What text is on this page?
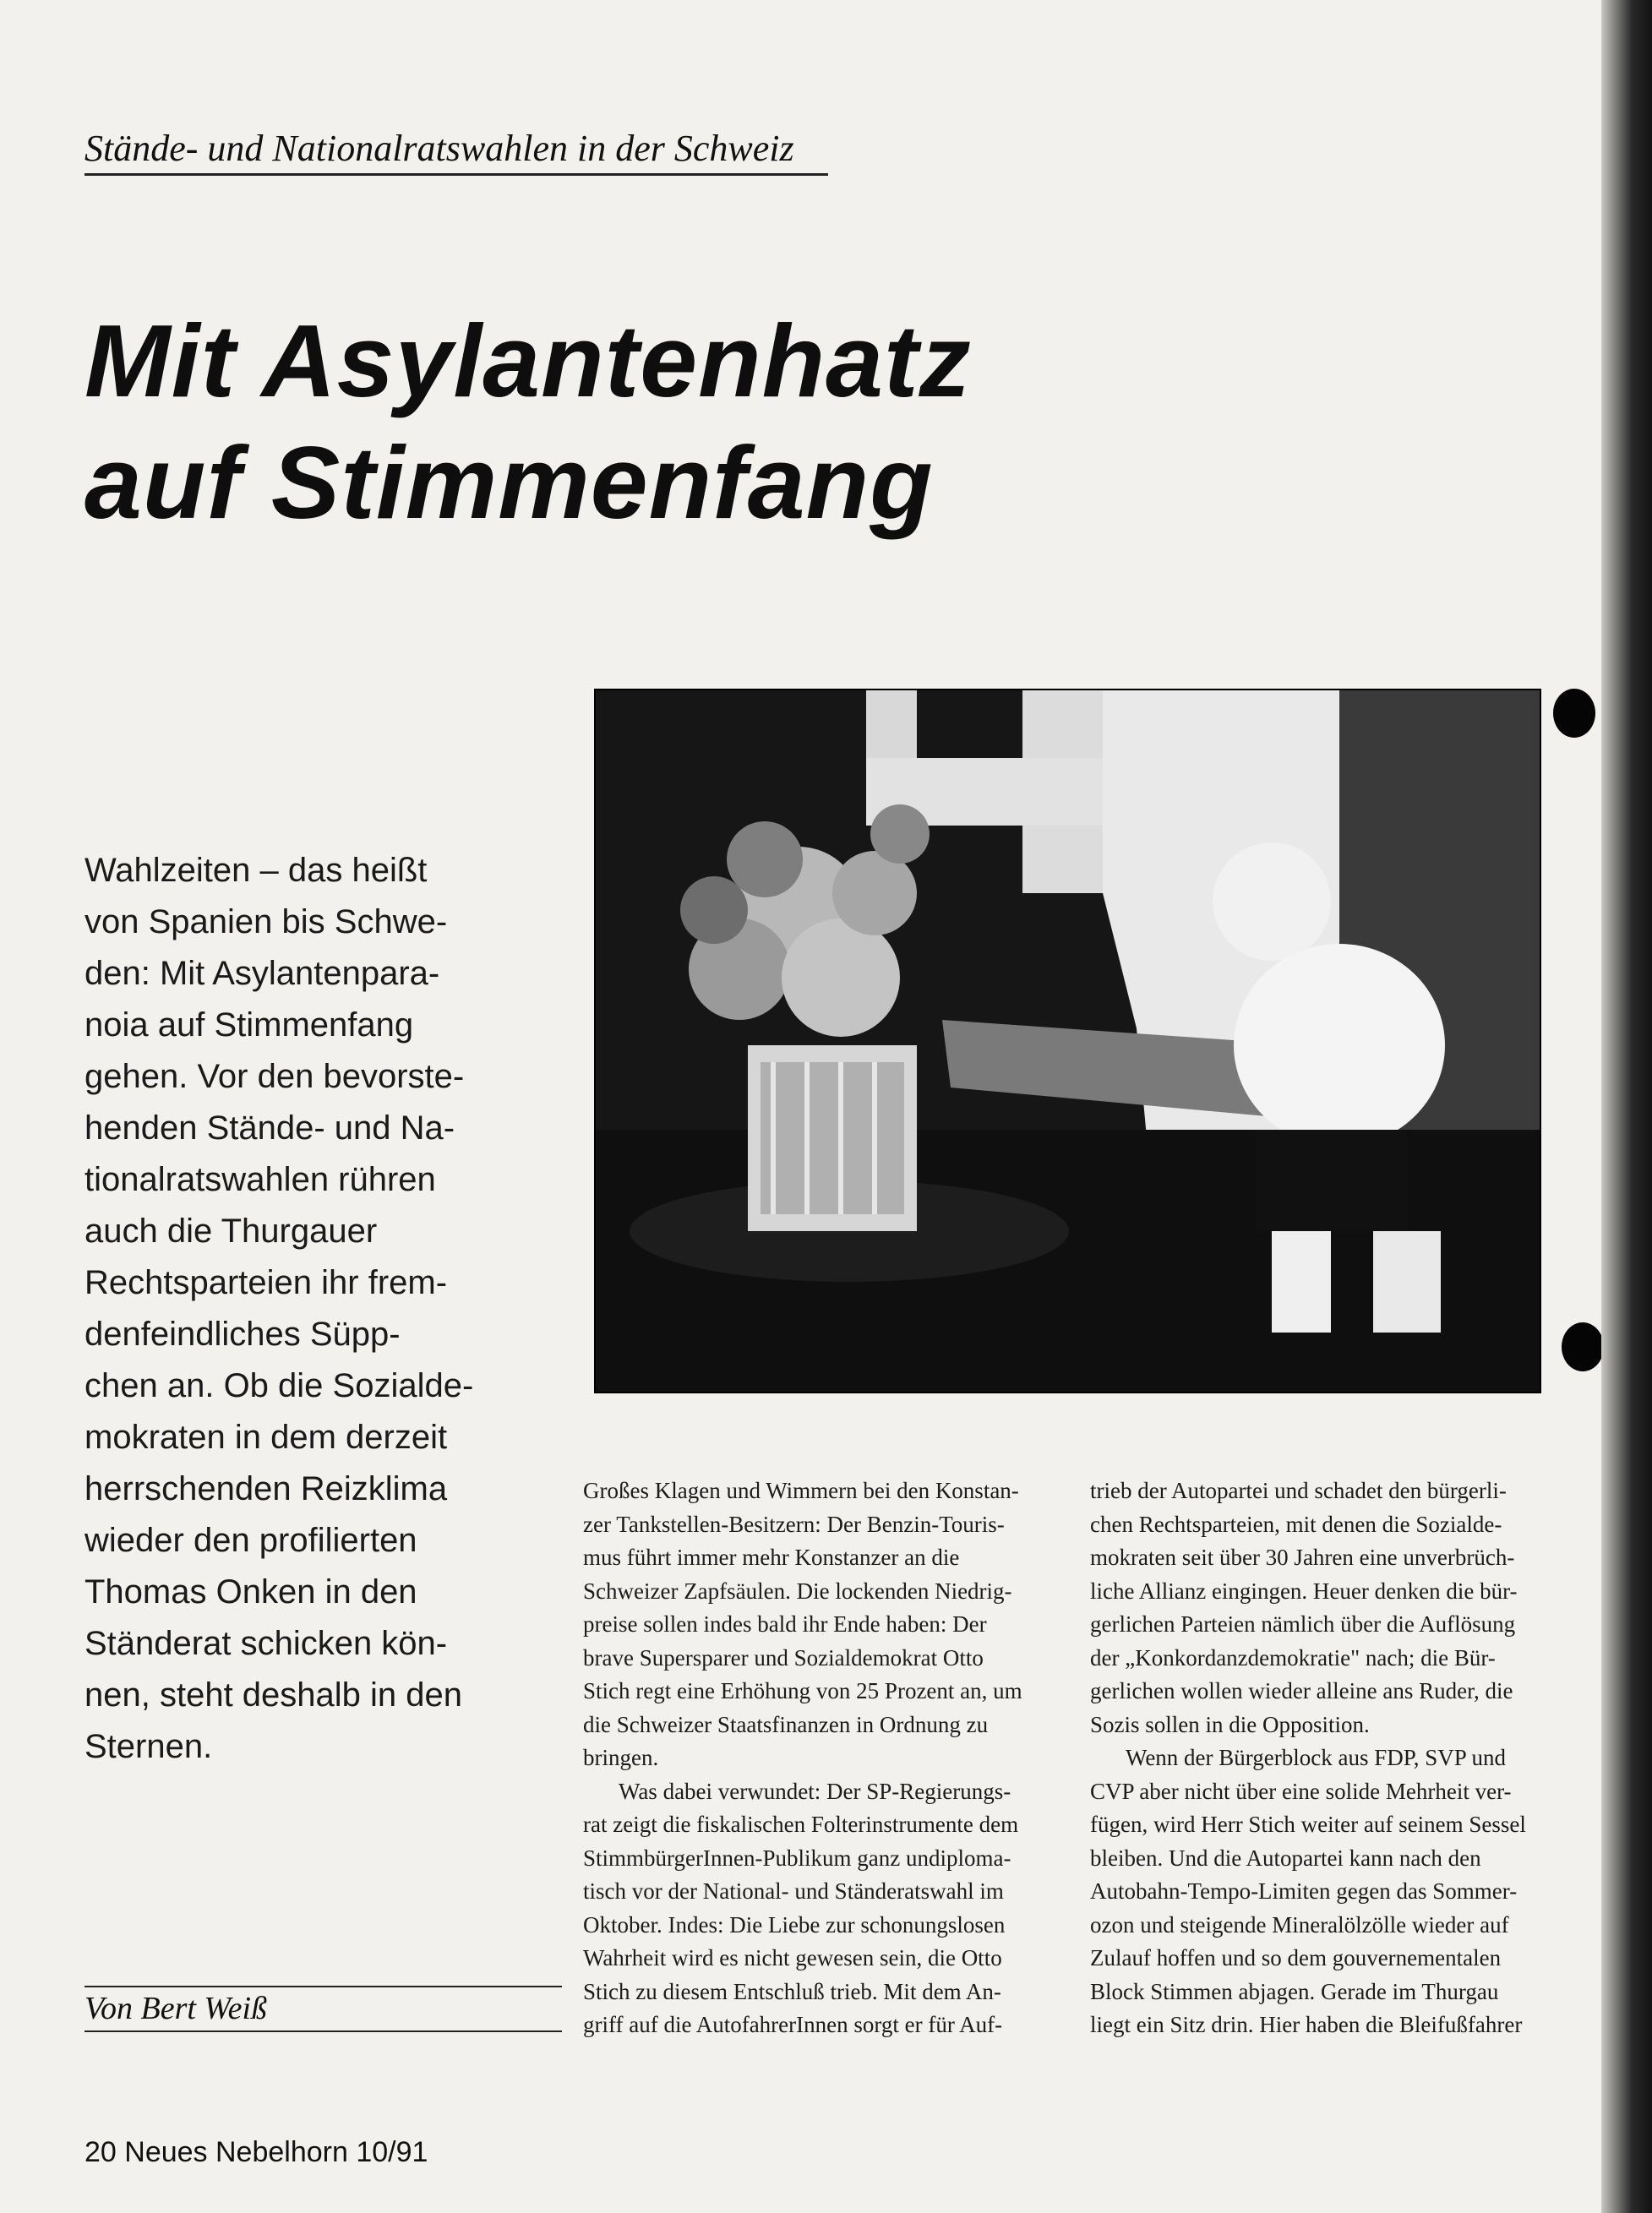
Stände- und Nationalratswahlen in der Schweiz
Mit Asylantenhatz
auf Stimmenfang
Wahlzeiten – das heißt
von Spanien bis Schwe-
den: Mit Asylantenpara-
noia auf Stimmenfang
gehen. Vor den bevorste-
henden Stände- und Na-
tionalratswahlen rühren
auch die Thurgauer
Rechtsparteien ihr frem-
denfeindliches Süpp-
chen an. Ob die Sozialde-
mokraten in dem derzeit
herrschenden Reizklima
wieder den profilierten
Thomas Onken in den
Ständerat schicken kön-
nen, steht deshalb in den
Sternen.
Von Bert Weiß
Großes Klagen und Wimmern bei den Konstan-
zer Tankstellen-Besitzern: Der Benzin-Touris-
mus führt immer mehr Konstanzer an die
Schweizer Zapfsäulen. Die lockenden Niedrig-
preise sollen indes bald ihr Ende haben: Der
brave Supersparer und Sozialdemokrat Otto
Stich regt eine Erhöhung von 25 Prozent an, um
die Schweizer Staatsfinanzen in Ordnung zu
bringen.
Was dabei verwundet: Der SP-Regierungs-
rat zeigt die fiskalischen Folterinstrumente dem
StimmbürgerInnen-Publikum ganz undiploma-
tisch vor der National- und Ständeratswahl im
Oktober. Indes: Die Liebe zur schonungslosen
Wahrheit wird es nicht gewesen sein, die Otto
Stich zu diesem Entschluß trieb. Mit dem An-
griff auf die AutofahrerInnen sorgt er für Auf-
trieb der Autopartei und schadet den bürgerli-
chen Rechtsparteien, mit denen die Sozialde-
mokraten seit über 30 Jahren eine unverbrüch-
liche Allianz eingingen. Heuer denken die bür-
gerlichen Parteien nämlich über die Auflösung
der „Konkordanzdemokratie" nach; die Bür-
gerlichen wollen wieder alleine ans Ruder, die
Sozis sollen in die Opposition.
Wenn der Bürgerblock aus FDP, SVP und
CVP aber nicht über eine solide Mehrheit ver-
fügen, wird Herr Stich weiter auf seinem Sessel
bleiben. Und die Autopartei kann nach den
Autobahn-Tempo-Limiten gegen das Sommer-
ozon und steigende Mineralölzölle wieder auf
Zulauf hoffen und so dem gouvernementalen
Block Stimmen abjagen. Gerade im Thurgau
liegt ein Sitz drin. Hier haben die Bleifußfahrer
20 Neues Nebelhorn 10/91
